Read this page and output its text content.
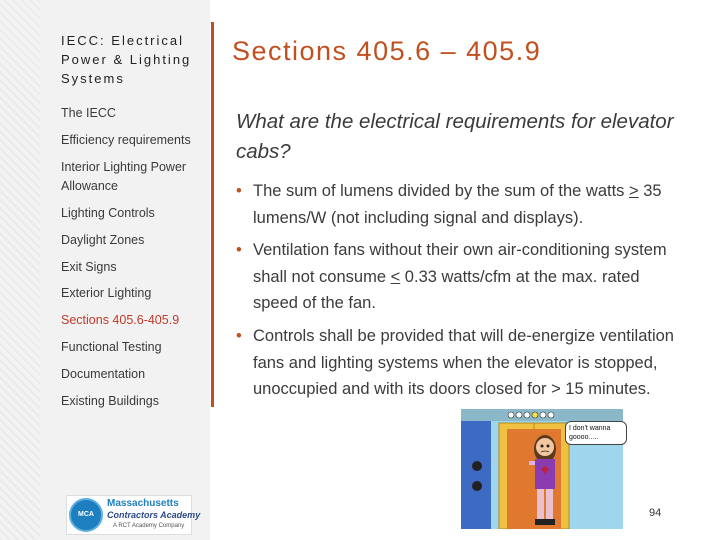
IECC: Electrical Power & Lighting Systems
The IECC
Efficiency requirements
Interior Lighting Power Allowance
Lighting Controls
Daylight Zones
Exit Signs
Exterior Lighting
Sections 405.6-405.9
Functional Testing
Documentation
Existing Buildings
MCA
Massachusetts
Contractors Academy
A RCT Academy Company
Sections 405.6 – 405.9
What are the electrical requirements for elevator cabs?
• The sum of lumens divided by the sum of the watts > 35 lumens/W (not including signal and displays).
• Ventilation fans without their own air-conditioning system shall not consume < 0.33 watts/cfm at the max. rated speed of the fan.
• Controls shall be provided that will de-energize ventilation fans and lighting systems when the elevator is stopped, unoccupied and with its doors closed for > 15 minutes.
I don't wanna goooo.....
94
